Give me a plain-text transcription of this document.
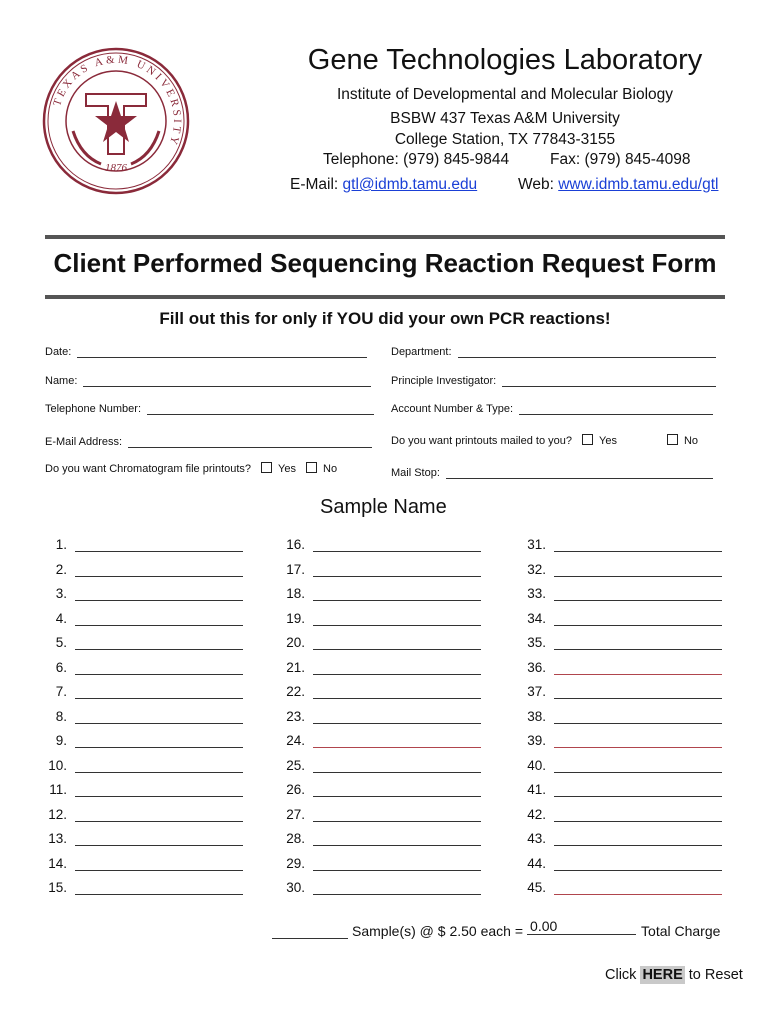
TEXAS A&M UNIVERSITY
1876
Gene Technologies Laboratory
Institute of Developmental and Molecular Biology
BSBW 437 Texas A&M University
College Station, TX 77843-3155
Telephone: (979) 845-9844	Fax: (979) 845-4098
E-Mail: gtl@idmb.tamu.edu	Web: www.idmb.tamu.edu/gtl
Client Performed Sequencing Reaction Request Form
Fill out this for only if YOU did your own PCR reactions!
Date:	Department:
Name:	Principle Investigator:
Telephone Number:	Account Number & Type:
E-Mail Address:	Do you want printouts mailed to you? Yes	No
Do you want Chromatogram file printouts? Yes No	Mail Stop:
Sample Name
1.
2.
3.
4.
5.
6.
7.
8.
9.
10.
11.
12.
13.
14.
15.
16.
17.
18.
19.
20.
21.
22.
23.
24.
25.
26.
27.
28.
29.
30.
31.
32.
33.
34.
35.
36.
37.
38.
39.
40.
41.
42.
43.
44.
45.
Sample(s) @ $ 2.50 each = 0.00	Total Charge
Click HERE to Reset
